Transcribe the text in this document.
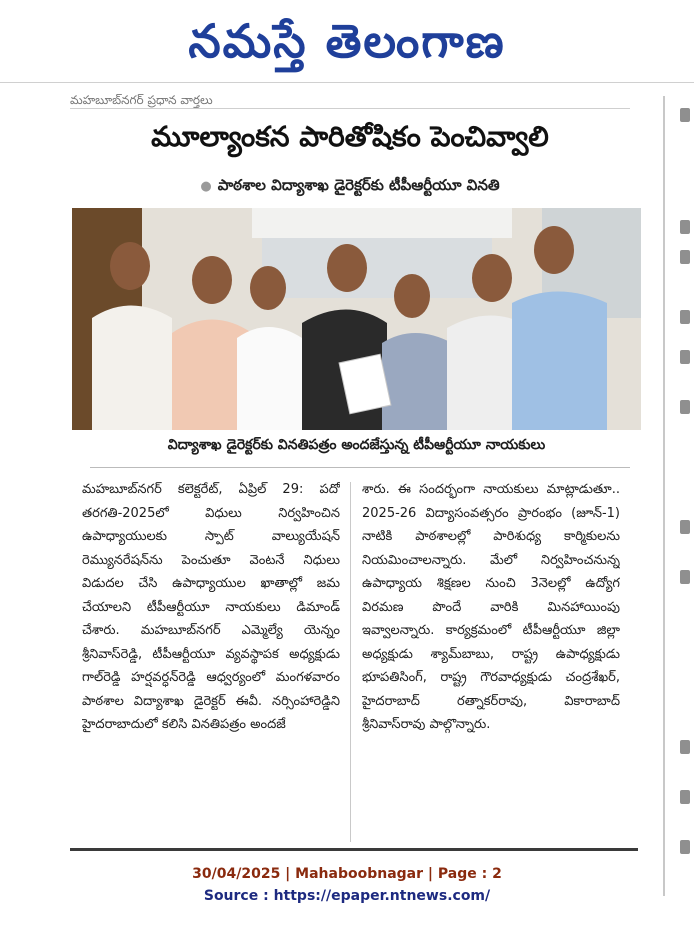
నమస్తే తెలంగాణ
మహబూబ్‌నగర్ ప్రధాన వార్తలు
మూల్యాంకన పారితోషికం పెంచివ్వాలి
● పాఠశాల విద్యాశాఖ డైరెక్టర్‌కు టీపీఆర్టీయూ వినతి
విద్యాశాఖ డైరెక్టర్‌కు వినతిపత్రం అందజేస్తున్న టీపీఆర్టీయూ నాయకులు
మహబూబ్‌నగర్ కలెక్టరేట్, ఏప్రిల్ 29: పదో తరగతి-2025లో విధులు నిర్వహించిన ఉపాధ్యాయులకు స్పాట్ వాల్యుయేషన్ రెమ్యునరేషన్‌ను పెంచుతూ వెంటనే నిధులు విడుదల చేసి ఉపాధ్యాయుల ఖాతాల్లో జమ చేయాలని టీపీఆర్టీయూ నాయకులు డిమాండ్ చేశారు. మహబూబ్‌నగర్ ఎమ్మెల్యే యెన్నం శ్రీనివాస్‌రెడ్డి, టీపీఆర్టీయూ వ్యవస్థాపక అధ్యక్షుడు గాల్‌రెడ్డి హర్షవర్ధన్‌రెడ్డి ఆధ్వర్యంలో మంగళవారం పాఠశాల విద్యాశాఖ డైరెక్టర్ ఈవీ. నర్సింహారెడ్డిని హైదరాబాదులో కలిసి వినతిపత్రం అందజే
శారు. ఈ సందర్భంగా నాయకులు మాట్లాడుతూ.. 2025-26 విద్యాసంవత్సరం ప్రారంభం (జూన్-1) నాటికి పాఠశాలల్లో పారిశుధ్య కార్మికులను నియమించాలన్నారు. మేలో నిర్వహించనున్న ఉపాధ్యాయ శిక్షణల నుంచి 3నెలల్లో ఉద్యోగ విరమణ పొందే వారికి మినహాయింపు ఇవ్వాలన్నారు. కార్యక్రమంలో టీపీఆర్టీయూ జిల్లా అధ్యక్షుడు శ్యామ్‌బాబు, రాష్ట్ర ఉపాధ్యక్షుడు భూపతిసింగ్, రాష్ట్ర గౌరవాధ్యక్షుడు చంద్రశేఖర్, హైదరాబాద్ రత్నాకర్‌రావు, వికారాబాద్ శ్రీనివాస్‌రావు పాల్గొన్నారు.
30/04/2025 | Mahaboobnagar | Page : 2
Source : https://epaper.ntnews.com/
